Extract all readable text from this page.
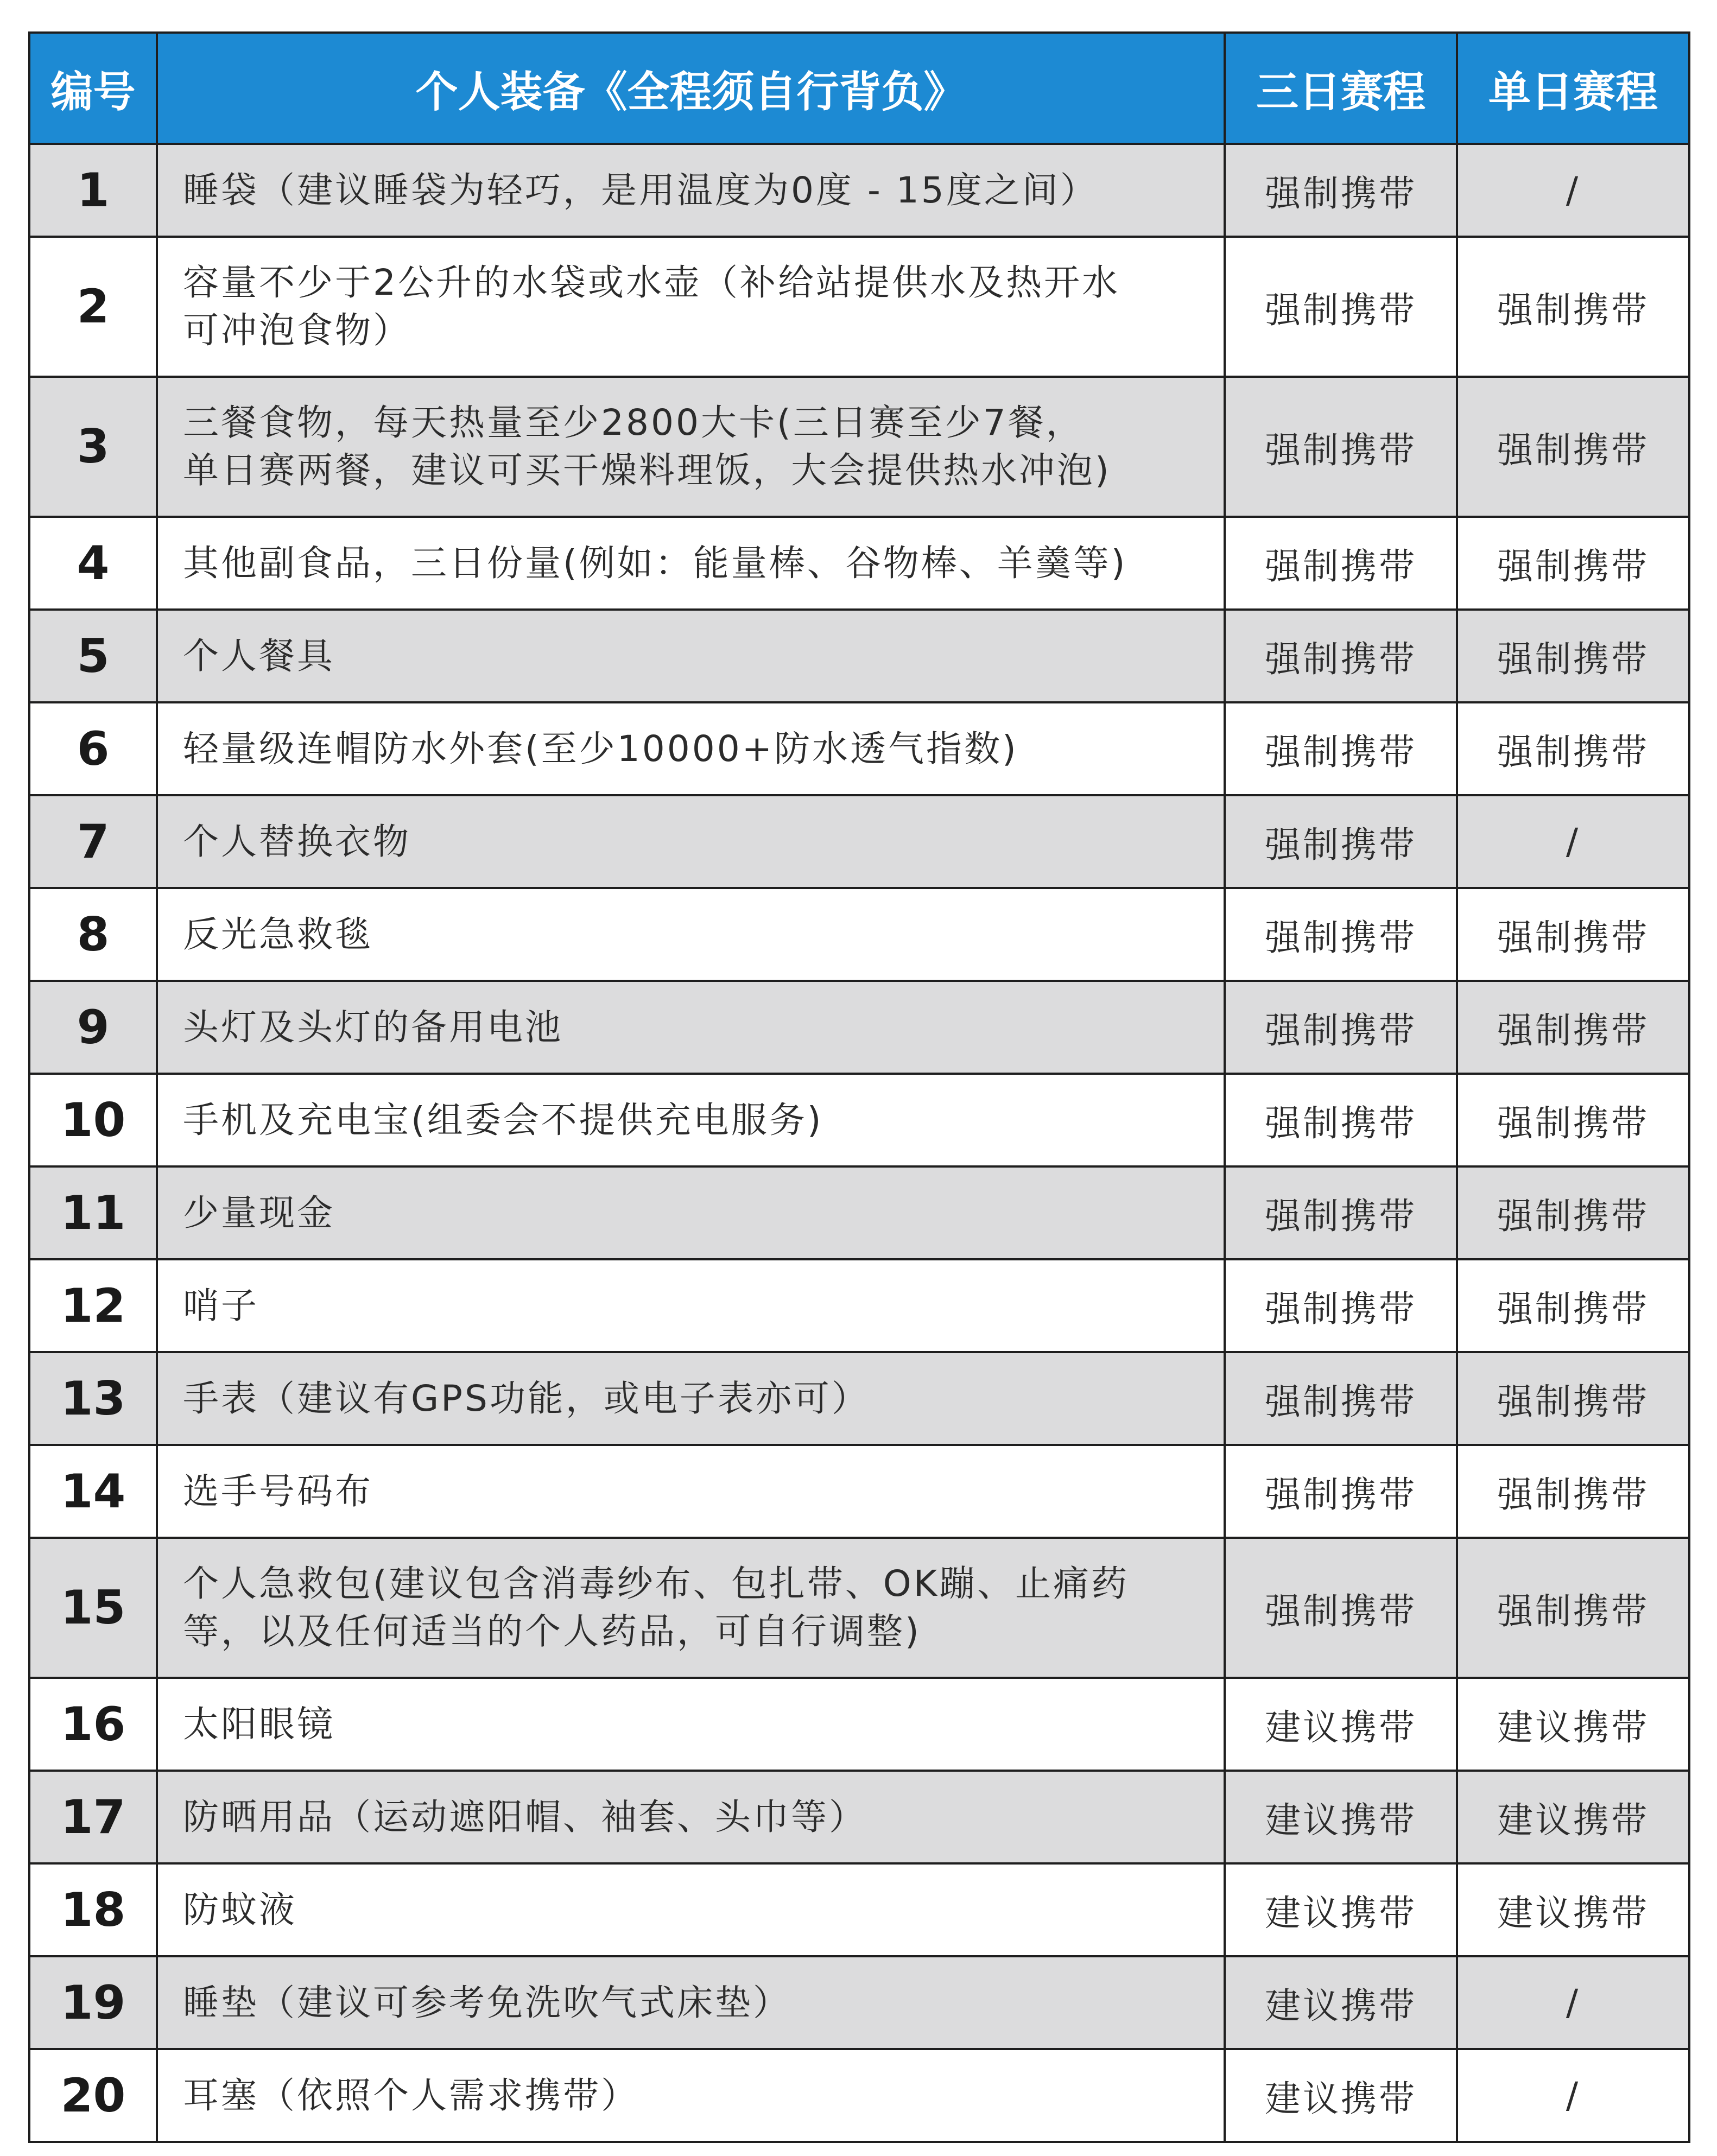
编号	个人装备《全程须自行背负》	三日赛程	单日赛程
1	睡袋（建议睡袋为轻巧，是用温度为0度 - 15度之间）	强制携带	/
2	容量不少于2公升的水袋或水壶（补给站提供水及热开水
可冲泡食物）	强制携带	强制携带
3	三餐食物，每天热量至少2800大卡(三日赛至少7餐，
单日赛两餐，建议可买干燥料理饭，大会提供热水冲泡)	强制携带	强制携带
4	其他副食品，三日份量(例如：能量棒、谷物棒、羊羹等)	强制携带	强制携带
5	个人餐具	强制携带	强制携带
6	轻量级连帽防水外套(至少10000+防水透气指数)	强制携带	强制携带
7	个人替换衣物	强制携带	/
8	反光急救毯	强制携带	强制携带
9	头灯及头灯的备用电池	强制携带	强制携带
10	手机及充电宝(组委会不提供充电服务)	强制携带	强制携带
11	少量现金	强制携带	强制携带
12	哨子	强制携带	强制携带
13	手表（建议有GPS功能，或电子表亦可）	强制携带	强制携带
14	选手号码布	强制携带	强制携带
15	个人急救包(建议包含消毒纱布、包扎带、OK蹦、止痛药
等，以及任何适当的个人药品，可自行调整)	强制携带	强制携带
16	太阳眼镜	建议携带	建议携带
17	防晒用品（运动遮阳帽、袖套、头巾等）	建议携带	建议携带
18	防蚊液	建议携带	建议携带
19	睡垫（建议可参考免洗吹气式床垫）	建议携带	/
20	耳塞（依照个人需求携带）	建议携带	/
